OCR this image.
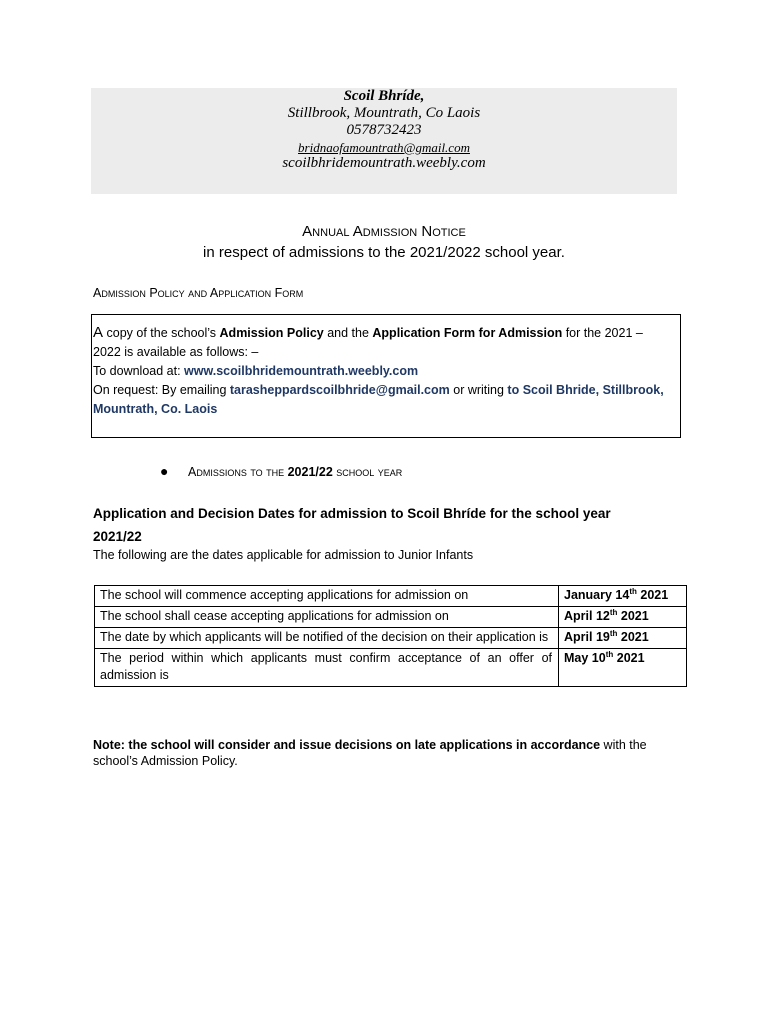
Scoil Bhríde,
Stillbrook, Mountrath, Co Laois
0578732423
bridnaofamountrath@gmail.com
scoilbhridemountrath.weebly.com
Annual Admission Notice
in respect of admissions to the 2021/2022 school year.
Admission Policy and Application Form
A copy of the school’s Admission Policy and the Application Form for Admission for the 2021 – 2022 is available as follows: –
To download at: www.scoilbhridemountrath.weebly.com
On request: By emailing tarasheppardscoilbhride@gmail.com or writing to Scoil Bhride, Stillbrook, Mountrath, Co. Laois
● Admissions to the 2021/22 school year
Application and Decision Dates for admission to Scoil Bhríde for the school year 2021/22
The following are the dates applicable for admission to Junior Infants
The school will commence accepting applications for admission on	January 14th 2021
The school shall cease accepting applications for admission on	April 12th 2021
The date by which applicants will be notified of the decision on their application is	April 19th 2021
The period within which applicants must confirm acceptance of an offer of admission is	May 10th 2021
Note: the school will consider and issue decisions on late applications in accordance with the school’s Admission Policy.
